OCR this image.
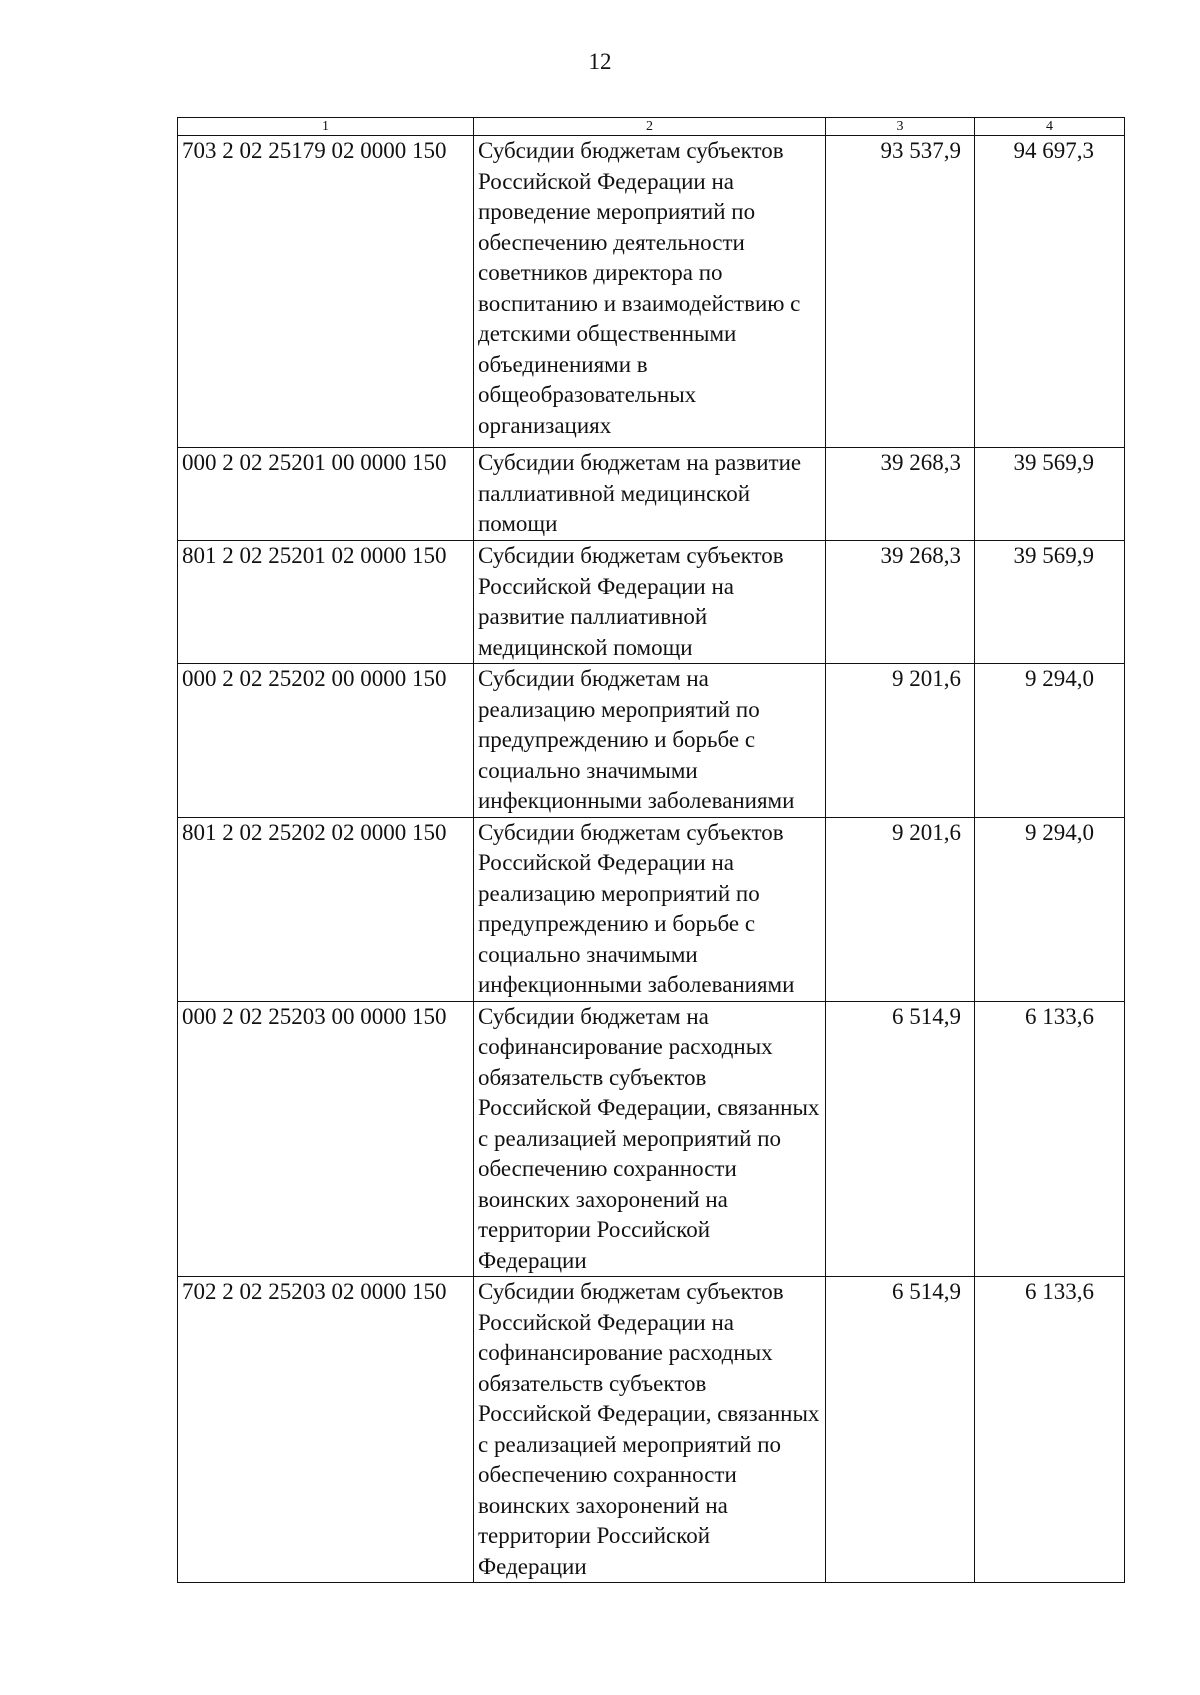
12
1	2	3	4
703 2 02 25179 02 0000 150	Субсидии бюджетам субъектов Российской Федерации на проведение мероприятий по обеспечению деятельности советников директора по воспитанию и взаимодействию с детскими общественными объединениями в общеобразовательных организациях	93 537,9	94 697,3
000 2 02 25201 00 0000 150	Субсидии бюджетам на развитие паллиативной медицинской помощи	39 268,3	39 569,9
801 2 02 25201 02 0000 150	Субсидии бюджетам субъектов Российской Федерации на развитие паллиативной медицинской помощи	39 268,3	39 569,9
000 2 02 25202 00 0000 150	Субсидии бюджетам на реализацию мероприятий по предупреждению и борьбе с социально значимыми инфекционными заболеваниями	9 201,6	9 294,0
801 2 02 25202 02 0000 150	Субсидии бюджетам субъектов Российской Федерации на реализацию мероприятий по предупреждению и борьбе с социально значимыми инфекционными заболеваниями	9 201,6	9 294,0
000 2 02 25203 00 0000 150	Субсидии бюджетам на софинансирование расходных обязательств субъектов Российской Федерации, связанных с реализацией мероприятий по обеспечению сохранности воинских захоронений на территории Российской Федерации	6 514,9	6 133,6
702 2 02 25203 02 0000 150	Субсидии бюджетам субъектов Российской Федерации на софинансирование расходных обязательств субъектов Российской Федерации, связанных с реализацией мероприятий по обеспечению сохранности воинских захоронений на территории Российской Федерации	6 514,9	6 133,6
